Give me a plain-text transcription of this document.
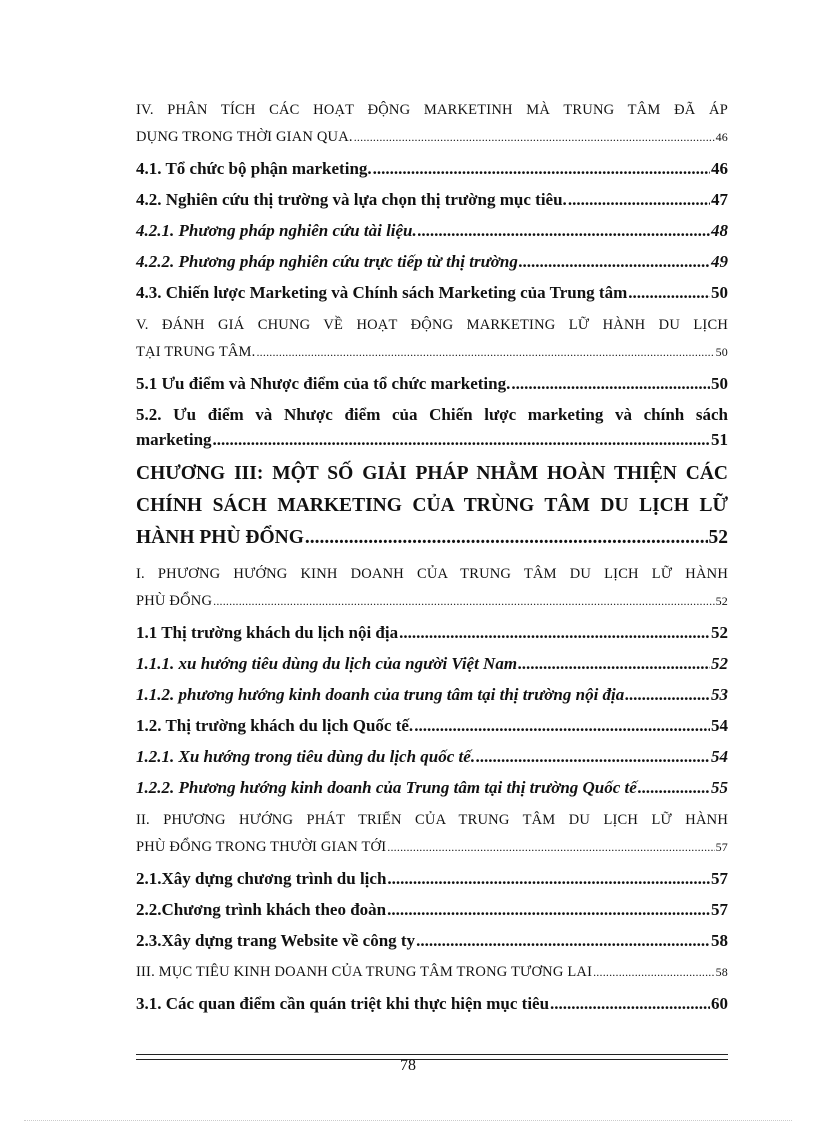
IV. PHÂN TÍCH CÁC HOẠT ĐỘNG MARKETINH MÀ TRUNG TÂM ĐÃ ÁP
DỤNG TRONG THỜI GIAN QUA. .....	46
4.1. Tổ chức bộ phận marketing. .....	46
4.2. Nghiên cứu thị trường và lựa chọn thị trường mục tiêu. .....	47
4.2.1. Phương pháp nghiên cứu tài liệu. .....	48
4.2.2. Phương pháp nghiên cứu trực tiếp từ thị trường .....	49
4.3. Chiến lược Marketing và Chính sách Marketing của Trung tâm .....	50
V. ĐÁNH GIÁ CHUNG VỀ HOẠT ĐỘNG MARKETING LỮ HÀNH DU LỊCH
TẠI TRUNG TÂM. .....	50
5.1 Ưu điểm và Nhược điểm của tổ chức marketing. .....	50
5.2. Ưu điểm và Nhược điểm của Chiến lược marketing và chính sách
marketing .....	51
CHƯƠNG III: MỘT SỐ GIẢI PHÁP NHẰM HOÀN THIỆN CÁC
CHÍNH SÁCH MARKETING CỦA TRÙNG TÂM DU LỊCH LỮ
HÀNH PHÙ ĐỔNG .....	52
I. PHƯƠNG HƯỚNG KINH DOANH CỦA TRUNG TÂM DU LỊCH LỮ HÀNH
PHÙ ĐỔNG .....	52
1.1 Thị trường khách du lịch nội địa .....	52
1.1.1. xu hướng tiêu dùng du lịch của người Việt Nam .....	52
1.1.2. phương hướng kinh doanh của trung tâm tại thị trường nội địa .....	53
1.2. Thị trường khách du lịch Quốc tế. .....	54
1.2.1. Xu hướng trong tiêu dùng du lịch quốc tế. .....	54
1.2.2. Phương hướng kinh doanh của Trung tâm tại thị trường Quốc tế .....	55
II. PHƯƠNG HƯỚNG PHÁT TRIỂN CỦA TRUNG TÂM DU LỊCH LỮ HÀNH
PHÙ ĐỔNG TRONG THƯỜI GIAN TỚI .....	57
2.1.Xây dựng chương trình du lịch .....	57
2.2.Chương trình khách theo đoàn .....	57
2.3.Xây dựng trang Website về công ty .....	58
III. MỤC TIÊU KINH DOANH CỦA TRUNG TÂM TRONG TƯƠNG LAI .....	58
3.1. Các quan điểm cần quán triệt khi thực hiện mục tiêu .....	60
78
